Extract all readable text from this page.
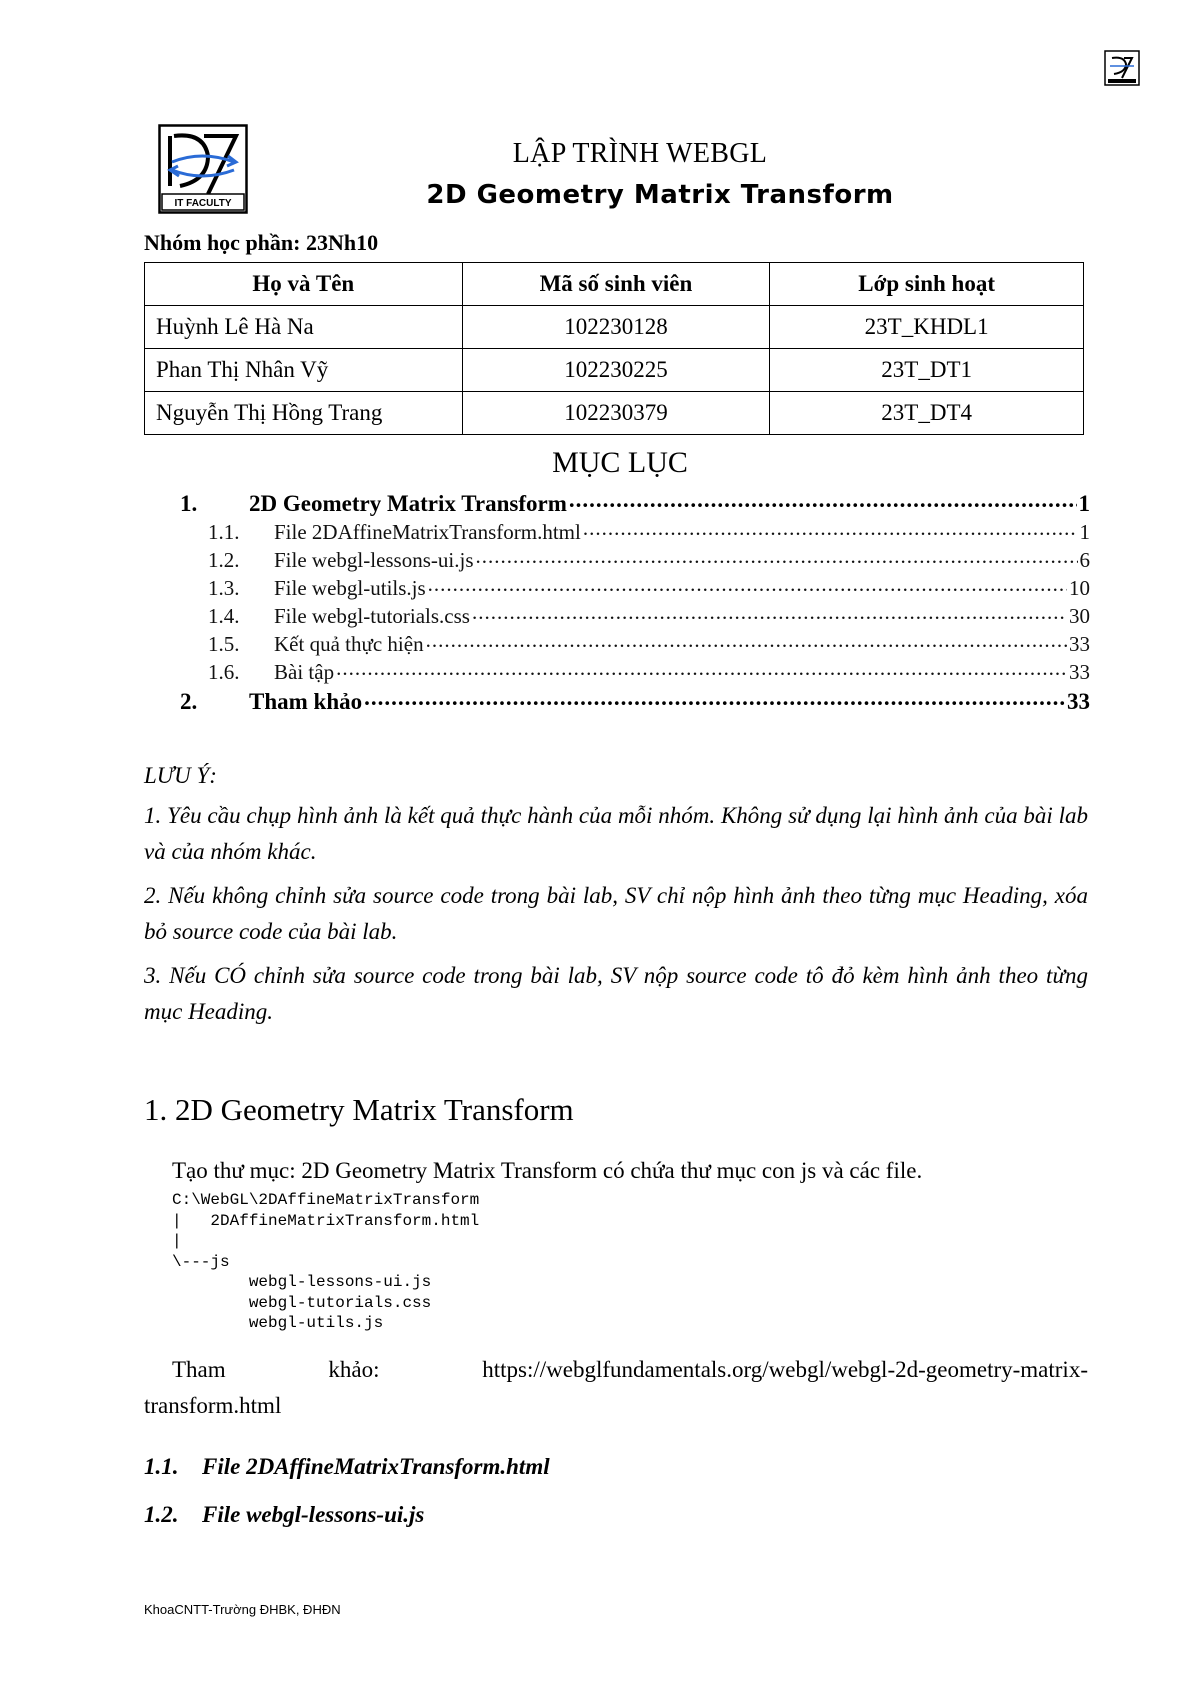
IT FACULTY
LẬP TRÌNH WEBGL
2D Geometry Matrix Transform
Nhóm học phần: 23Nh10
Họ và Tên	Mã số sinh viên	Lớp sinh hoạt
Huỳnh Lê Hà Na	102230128	23T_KHDL1
Phan Thị Nhân Vỹ	102230225	23T_DT1
Nguyễn Thị Hồng Trang	102230379	23T_DT4
MỤC LỤC
1.	2D Geometry Matrix Transform .....	1
1.1.	File 2DAffineMatrixTransform.html .....	1
1.2.	File webgl-lessons-ui.js .....	6
1.3.	File webgl-utils.js .....	10
1.4.	File webgl-tutorials.css .....	30
1.5.	Kết quả thực hiện .....	33
1.6.	Bài tập .....	33
2.	Tham khảo .....	33

LƯU Ý:

1. Yêu cầu chụp hình ảnh là kết quả thực hành của mỗi nhóm. Không sử dụng lại hình ảnh của bài lab và của nhóm khác.

2. Nếu không chỉnh sửa source code trong bài lab, SV chỉ nộp hình ảnh theo từng mục Heading, xóa bỏ source code của bài lab.

3. Nếu CÓ chỉnh sửa source code trong bài lab, SV nộp source code tô đỏ kèm hình ảnh theo từng mục Heading.

1. 2D Geometry Matrix Transform
Tạo thư mục: 2D Geometry Matrix Transform có chứa thư mục con js và các file.
C:\WebGL\2DAffineMatrixTransform
|   2DAffineMatrixTransform.html
|
\---js
webgl-lessons-ui.js
webgl-tutorials.css
webgl-utils.js
Tham	khảo:	https://webglfundamentals.org/webgl/webgl-2d-geometry-matrix-
transform.html
1.1. File 2DAffineMatrixTransform.html
1.2. File webgl-lessons-ui.js
KhoaCNTT-Trường ĐHBK, ĐHĐN
